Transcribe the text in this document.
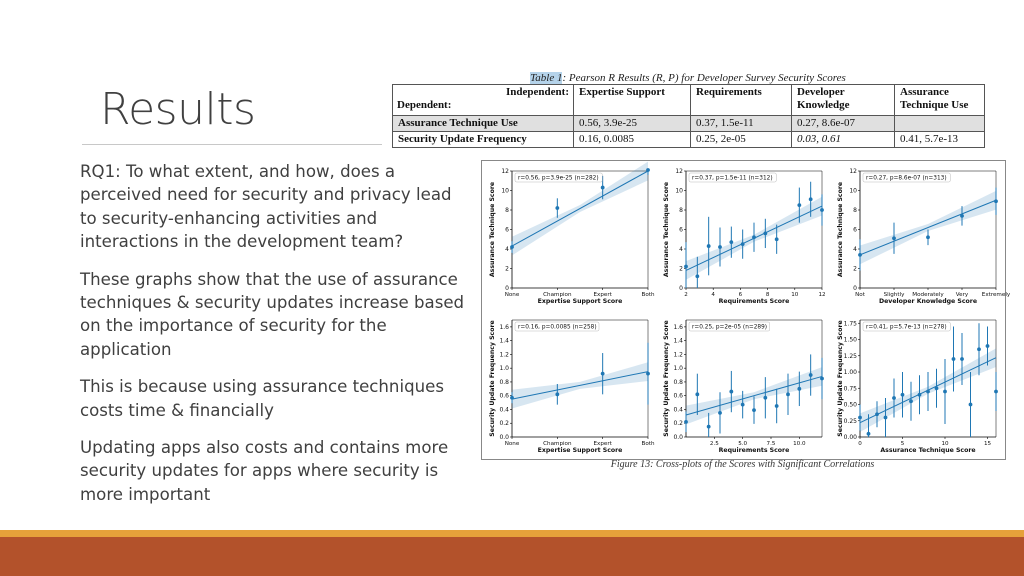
Results

RQ1: To what extent, and how, does a perceived need for security and privacy lead to security-enhancing activities and interactions in the development team?

These graphs show that the use of assurance techniques & security updates increase based on the importance of security for the application

This is because using assurance techniques costs time & financially

Updating apps also costs and contains more security updates for apps where security is more important

Table 1: Pearson R Results (R, P) for Developer Survey Security Scores
Independent:
Dependent:	Expertise Support	Requirements	Developer Knowledge	Assurance Technique Use
Assurance Technique Use	0.56, 3.9e-25	0.37, 1.5e-11	0.27, 8.6e-07	
Security Update Frequency	0.16, 0.0085	0.25, 2e-05	0.03, 0.61	0.41, 5.7e-13
0
2
4
6
8
10
12
None	Champion	Expert	Both
Expertise Support Score
Assurance Technique Score
r=0.56, p=3.9e-25 (n=282)
0
2
4
6
8
10
12
2	4	6	8	10	12
Requirements Score
Assurance Technique Score
r=0.37, p=1.5e-11 (n=312)
0
2
4
6
8
10
12
Not	Slightly Moderately Very Extremely
Developer Knowledge Score
Assurance Technique Score
r=0.27, p=8.6e-07 (n=313)
0.0
0.2
0.4
0.6
0.8
1.0
1.2
1.4
1.6
None	Champion	Expert	Both
Expertise Support Score
Security Update Frequency Score	r=0.16, p=0.0085 (n=258)
0.0
0.2
0.4
0.6
0.8
1.0
1.2
1.4
1.6
2.5	5.0	7.5	10.0
Requirements Score
Security Update Frequency Score	r=0.25, p=2e-05 (n=289)
0.00
0.25
0.50
0.75
1.00
1.25
1.50
1.75
0	5	10	15
Assurance Technique Score
Security Update Frequency Score	r=0.41, p=5.7e-13 (n=278)
Figure 13: Cross-plots of the Scores with Significant Correlations
